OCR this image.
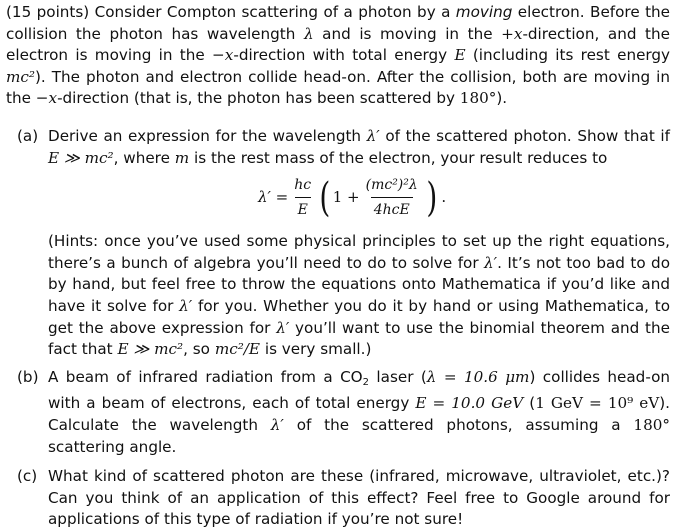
(15 points) Consider Compton scattering of a photon by a moving electron. Before the collision the photon has wavelength λ and is moving in the +x-direction, and the electron is moving in the −x-direction with total energy E (including its rest energy mc²). The photon and electron collide head-on. After the collision, both are moving in the −x-direction (that is, the photon has been scattered by 180°).

(a) Derive an expression for the wavelength λ′ of the scattered photon. Show that if E ≫ mc², where m is the rest mass of the electron, your result reduces to
$\lambda' = \frac{hc}{E}$ ( $1 + \frac{\text{(mc²)²λ}}{\text{4hcE}}$ ) .
(Hints: once you’ve used some physical principles to set up the right equations, there’s a bunch of algebra you’ll need to do to solve for λ′. It’s not too bad to do by hand, but feel free to throw the equations onto Mathematica if you’d like and have it solve for λ′ for you. Whether you do it by hand or using Mathematica, to get the above expression for λ′ you’ll want to use the binomial theorem and the fact that E ≫ mc², so mc²/E is very small.)
(b) A beam of infrared radiation from a $CO_2$ laser (λ = 10.6 μm) collides head-on with a beam of electrons, each of total energy E = 10.0 GeV (1 GeV = 10⁹ eV). Calculate the wavelength λ′ of the scattered photons, assuming a 180° scattering angle.
(c) What kind of scattered photon are these (infrared, microwave, ultraviolet, etc.)? Can you think of an application of this effect? Feel free to Google around for applications of this type of radiation if you’re not sure!
